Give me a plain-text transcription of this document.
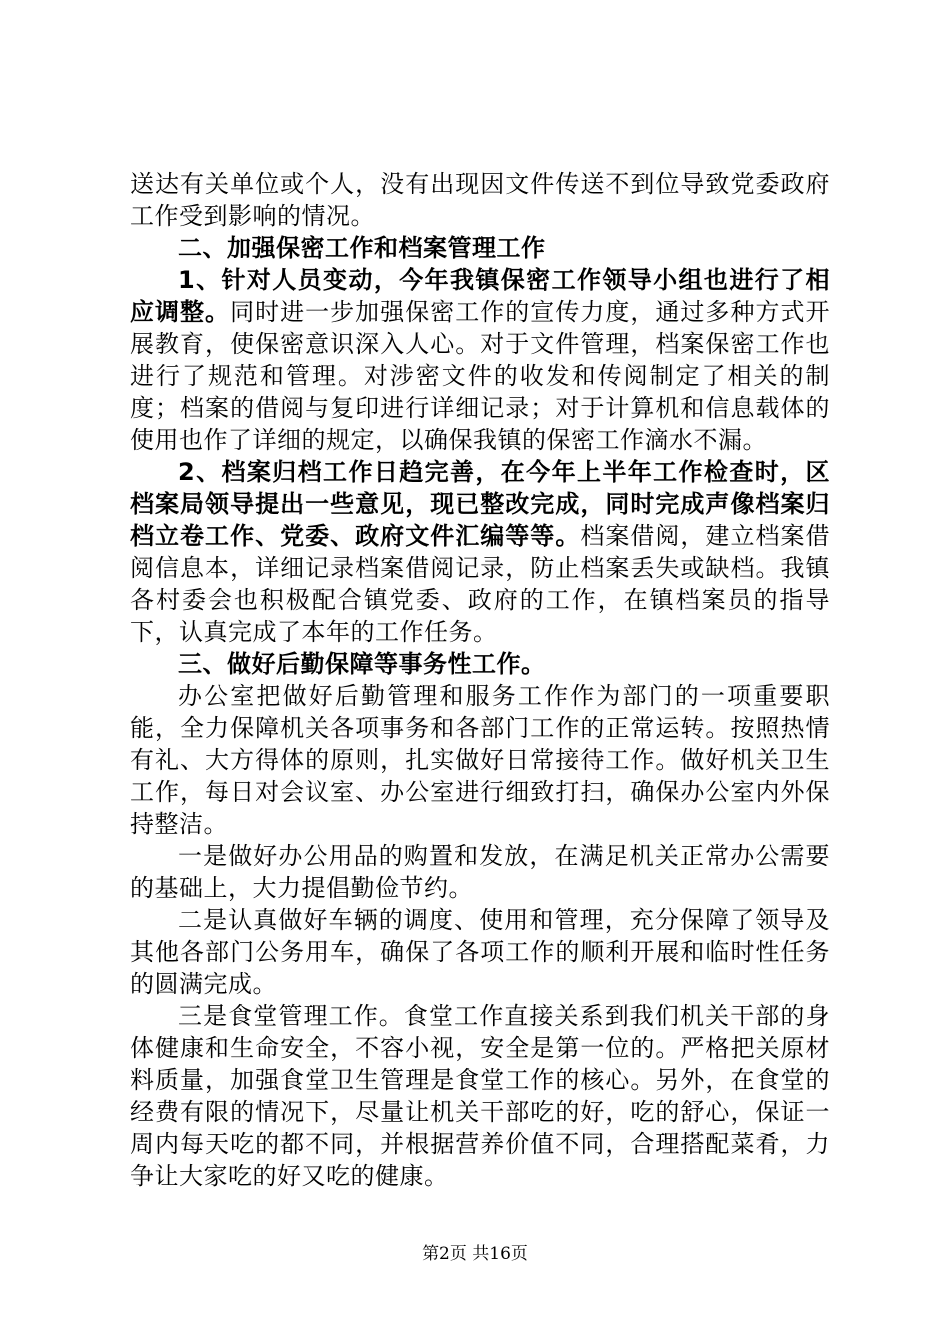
送达有关单位或个人，没有出现因文件传送不到位导致党委政府工作受到影响的情况。

二、加强保密工作和档案管理工作

1、针对人员变动，今年我镇保密工作领导小组也进行了相应调整。同时进一步加强保密工作的宣传力度，通过多种方式开展教育，使保密意识深入人心。对于文件管理，档案保密工作也进行了规范和管理。对涉密文件的收发和传阅制定了相关的制度；档案的借阅与复印进行详细记录；对于计算机和信息载体的使用也作了详细的规定，以确保我镇的保密工作滴水不漏。

2、档案归档工作日趋完善，在今年上半年工作检查时，区档案局领导提出一些意见，现已整改完成，同时完成声像档案归档立卷工作、党委、政府文件汇编等等。档案借阅，建立档案借阅信息本，详细记录档案借阅记录，防止档案丢失或缺档。我镇各村委会也积极配合镇党委、政府的工作，在镇档案员的指导下，认真完成了本年的工作任务。

三、做好后勤保障等事务性工作。

办公室把做好后勤管理和服务工作作为部门的一项重要职能，全力保障机关各项事务和各部门工作的正常运转。按照热情有礼、大方得体的原则，扎实做好日常接待工作。做好机关卫生工作，每日对会议室、办公室进行细致打扫，确保办公室内外保持整洁。

一是做好办公用品的购置和发放，在满足机关正常办公需要的基础上，大力提倡勤俭节约。

二是认真做好车辆的调度、使用和管理，充分保障了领导及其他各部门公务用车，确保了各项工作的顺利开展和临时性任务的圆满完成。

三是食堂管理工作。食堂工作直接关系到我们机关干部的身体健康和生命安全，不容小视，安全是第一位的。严格把关原材料质量，加强食堂卫生管理是食堂工作的核心。另外，在食堂的经费有限的情况下，尽量让机关干部吃的好，吃的舒心，保证一周内每天吃的都不同，并根据营养价值不同，合理搭配菜肴，力争让大家吃的好又吃的健康。

第2页 共16页
